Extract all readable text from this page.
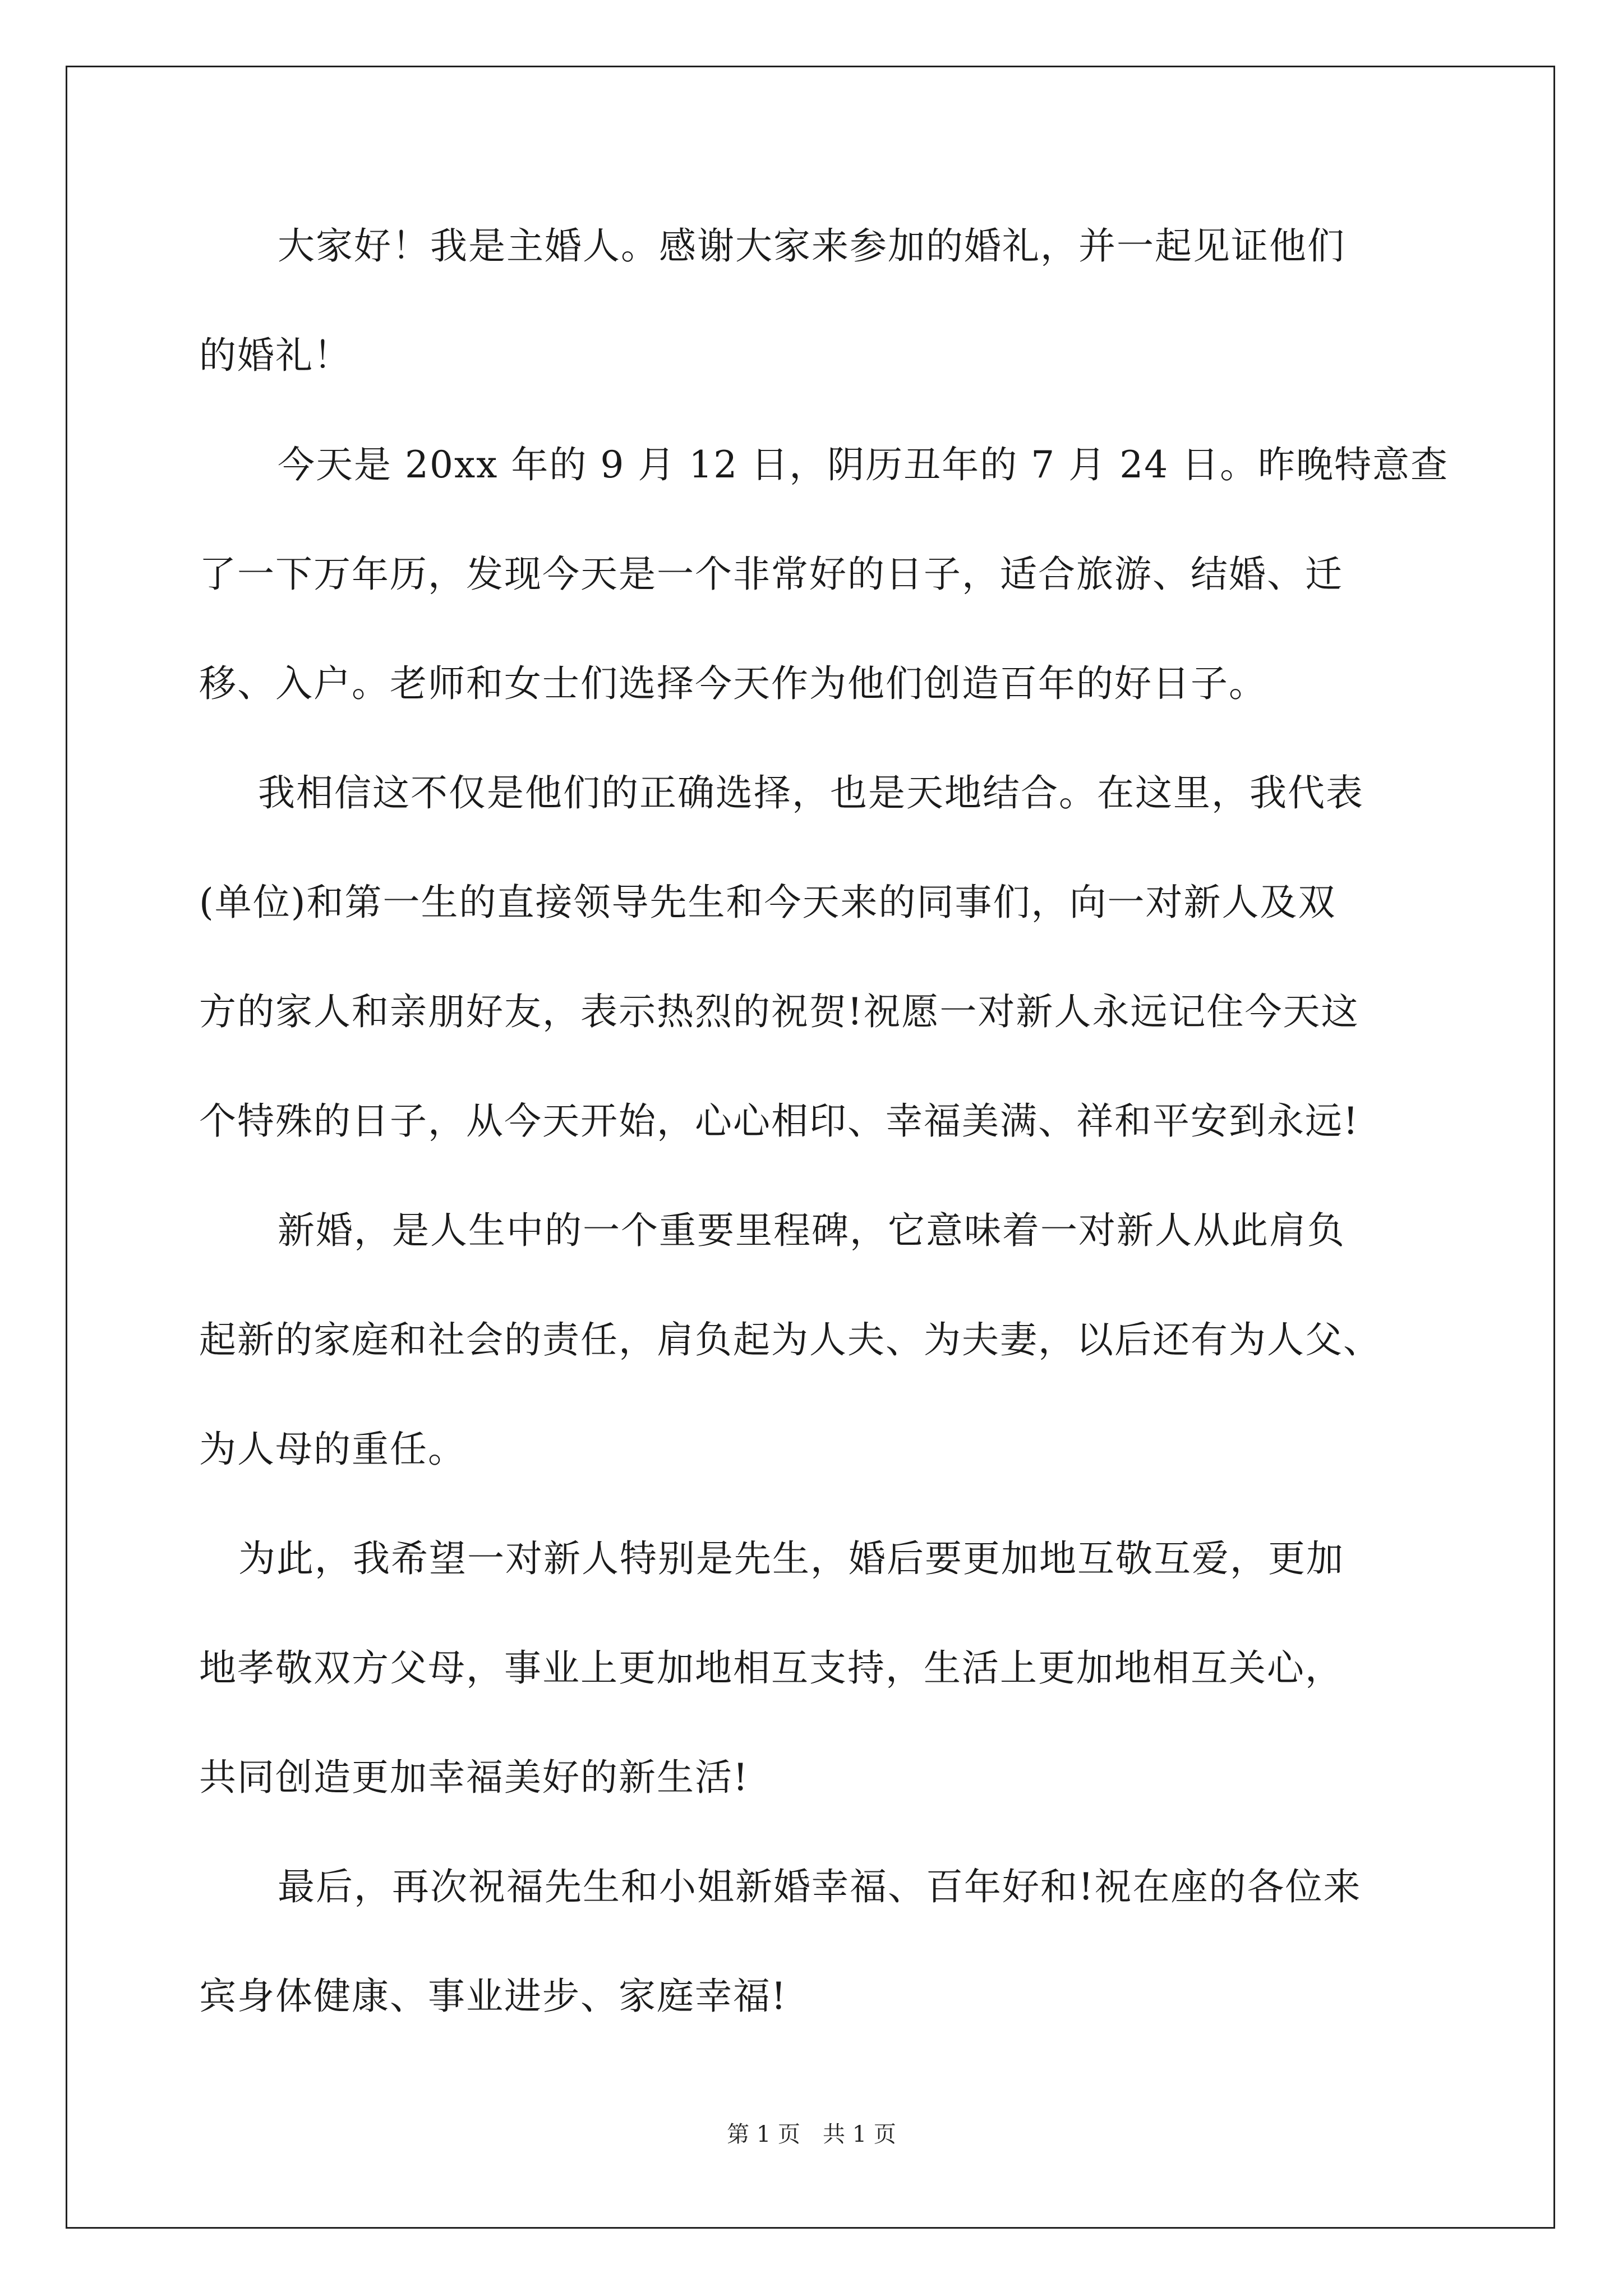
大家好！我是主婚人。感谢大家来参加的婚礼，并一起见证他们
的婚礼！
今天是 20xx 年的 9 月 12 日，阴历丑年的 7 月 24 日。昨晚特意查
了一下万年历，发现今天是一个非常好的日子，适合旅游、结婚、迁
移、入户。老师和女士们选择今天作为他们创造百年的好日子。
我相信这不仅是他们的正确选择，也是天地结合。在这里，我代表
(单位)和第一生的直接领导先生和今天来的同事们，向一对新人及双
方的家人和亲朋好友，表示热烈的祝贺!祝愿一对新人永远记住今天这
个特殊的日子，从今天开始，心心相印、幸福美满、祥和平安到永远!
新婚，是人生中的一个重要里程碑，它意味着一对新人从此肩负
起新的家庭和社会的责任，肩负起为人夫、为夫妻，以后还有为人父、
为人母的重任。
为此，我希望一对新人特别是先生，婚后要更加地互敬互爱，更加
地孝敬双方父母，事业上更加地相互支持，生活上更加地相互关心，
共同创造更加幸福美好的新生活!
最后，再次祝福先生和小姐新婚幸福、百年好和!祝在座的各位来
宾身体健康、事业进步、家庭幸福!
第 1 页　共 1 页
